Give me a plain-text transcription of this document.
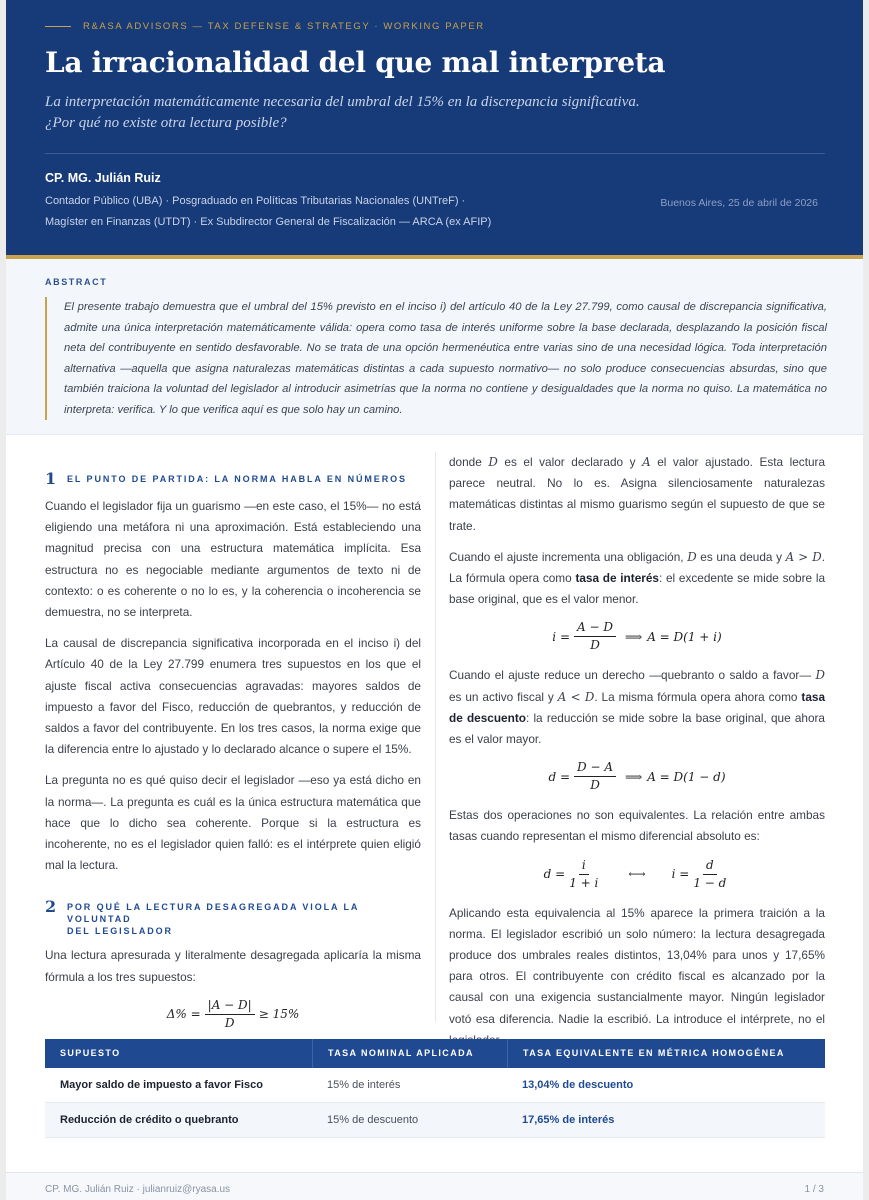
R&ASA ADVISORS — TAX DEFENSE & STRATEGY · WORKING PAPER
La irracionalidad del que mal interpreta
La interpretación matemáticamente necesaria del umbral del 15% en la discrepancia significativa.
¿Por qué no existe otra lectura posible?
CP. MG. Julián Ruiz
Contador Público (UBA) · Posgraduado en Políticas Tributarias Nacionales (UNTreF) ·
Magíster en Finanzas (UTDT) · Ex Subdirector General de Fiscalización — ARCA (ex AFIP)
Buenos Aires, 25 de abril de 2026
ABSTRACT
El presente trabajo demuestra que el umbral del 15% previsto en el inciso i) del artículo 40 de la Ley 27.799, como causal de discrepancia significativa, admite una única interpretación matemáticamente válida: opera como tasa de interés uniforme sobre la base declarada, desplazando la posición fiscal neta del contribuyente en sentido desfavorable. No se trata de una opción hermenéutica entre varias sino de una necesidad lógica. Toda interpretación alternativa —aquella que asigna naturalezas matemáticas distintas a cada supuesto normativo— no solo produce consecuencias absurdas, sino que también traiciona la voluntad del legislador al introducir asimetrías que la norma no contiene y desigualdades que la norma no quiso. La matemática no interpreta: verifica. Y lo que verifica aquí es que solo hay un camino.
1	EL PUNTO DE PARTIDA: LA NORMA HABLA EN NÚMEROS

Cuando el legislador fija un guarismo —en este caso, el 15%— no está eligiendo una metáfora ni una aproximación. Está estableciendo una magnitud precisa con una estructura matemática implícita. Esa estructura no es negociable mediante argumentos de texto ni de contexto: o es coherente o no lo es, y la coherencia o incoherencia se demuestra, no se interpreta.

La causal de discrepancia significativa incorporada en el inciso i) del Artículo 40 de la Ley 27.799 enumera tres supuestos en los que el ajuste fiscal activa consecuencias agravadas: mayores saldos de impuesto a favor del Fisco, reducción de quebrantos, y reducción de saldos a favor del contribuyente. En los tres casos, la norma exige que la diferencia entre lo ajustado y lo declarado alcance o supere el 15%.

La pregunta no es qué quiso decir el legislador —eso ya está dicho en la norma—. La pregunta es cuál es la única estructura matemática que hace que lo dicho sea coherente. Porque si la estructura es incoherente, no es el legislador quien falló: es el intérprete quien eligió mal la lectura.

2	POR QUÉ LA LECTURA DESAGREGADA VIOLA LA VOLUNTAD
DEL LEGISLADOR

Una lectura apresurada y literalmente desagregada aplicaría la misma fórmula a los tres supuestos:

$\Delta\% = \frac{|A - D|}{D} \ge 15\%$

donde D es el valor declarado y A el valor ajustado. Esta lectura parece neutral. No lo es. Asigna silenciosamente naturalezas matemáticas distintas al mismo guarismo según el supuesto de que se trate.

Cuando el ajuste incrementa una obligación, D es una deuda y A > D. La fórmula opera como tasa de interés: el excedente se mide sobre la base original, que es el valor menor.

$i = \frac{A - D}{D}$ ⟹ A = D(1 + i)

Cuando el ajuste reduce un derecho —quebranto o saldo a favor— D es un activo fiscal y A < D. La misma fórmula opera ahora como tasa de descuento: la reducción se mide sobre la base original, que ahora es el valor mayor.

$d = \frac{D - A}{D}$ ⟹ A = D(1 − d)

Estas dos operaciones no son equivalentes. La relación entre ambas tasas cuando representan el mismo diferencial absoluto es:

$d = \frac{i}{1 + i}$	⟷ $i = \frac{d}{1 - d}$

Aplicando esta equivalencia al 15% aparece la primera traición a la norma. El legislador escribió un solo número: la lectura desagregada produce dos umbrales reales distintos, 13,04% para unos y 17,65% para otros. El contribuyente con crédito fiscal es alcanzado por la causal con una exigencia sustancialmente mayor. Ningún legislador votó esa diferencia. Nadie la escribió. La introduce el intérprete, no el

SUPUESTO	TASA NOMINAL APLICADA	TASA EQUIVALENTE EN MÉTRICA HOMOGÉNEA
Mayor saldo de impuesto a favor Fisco	15% de interés	13,04% de descuento
Reducción de crédito o quebranto	15% de descuento	17,65% de interés
CP. MG. Julián Ruiz · julianruiz@ryasa.us	1 / 3
